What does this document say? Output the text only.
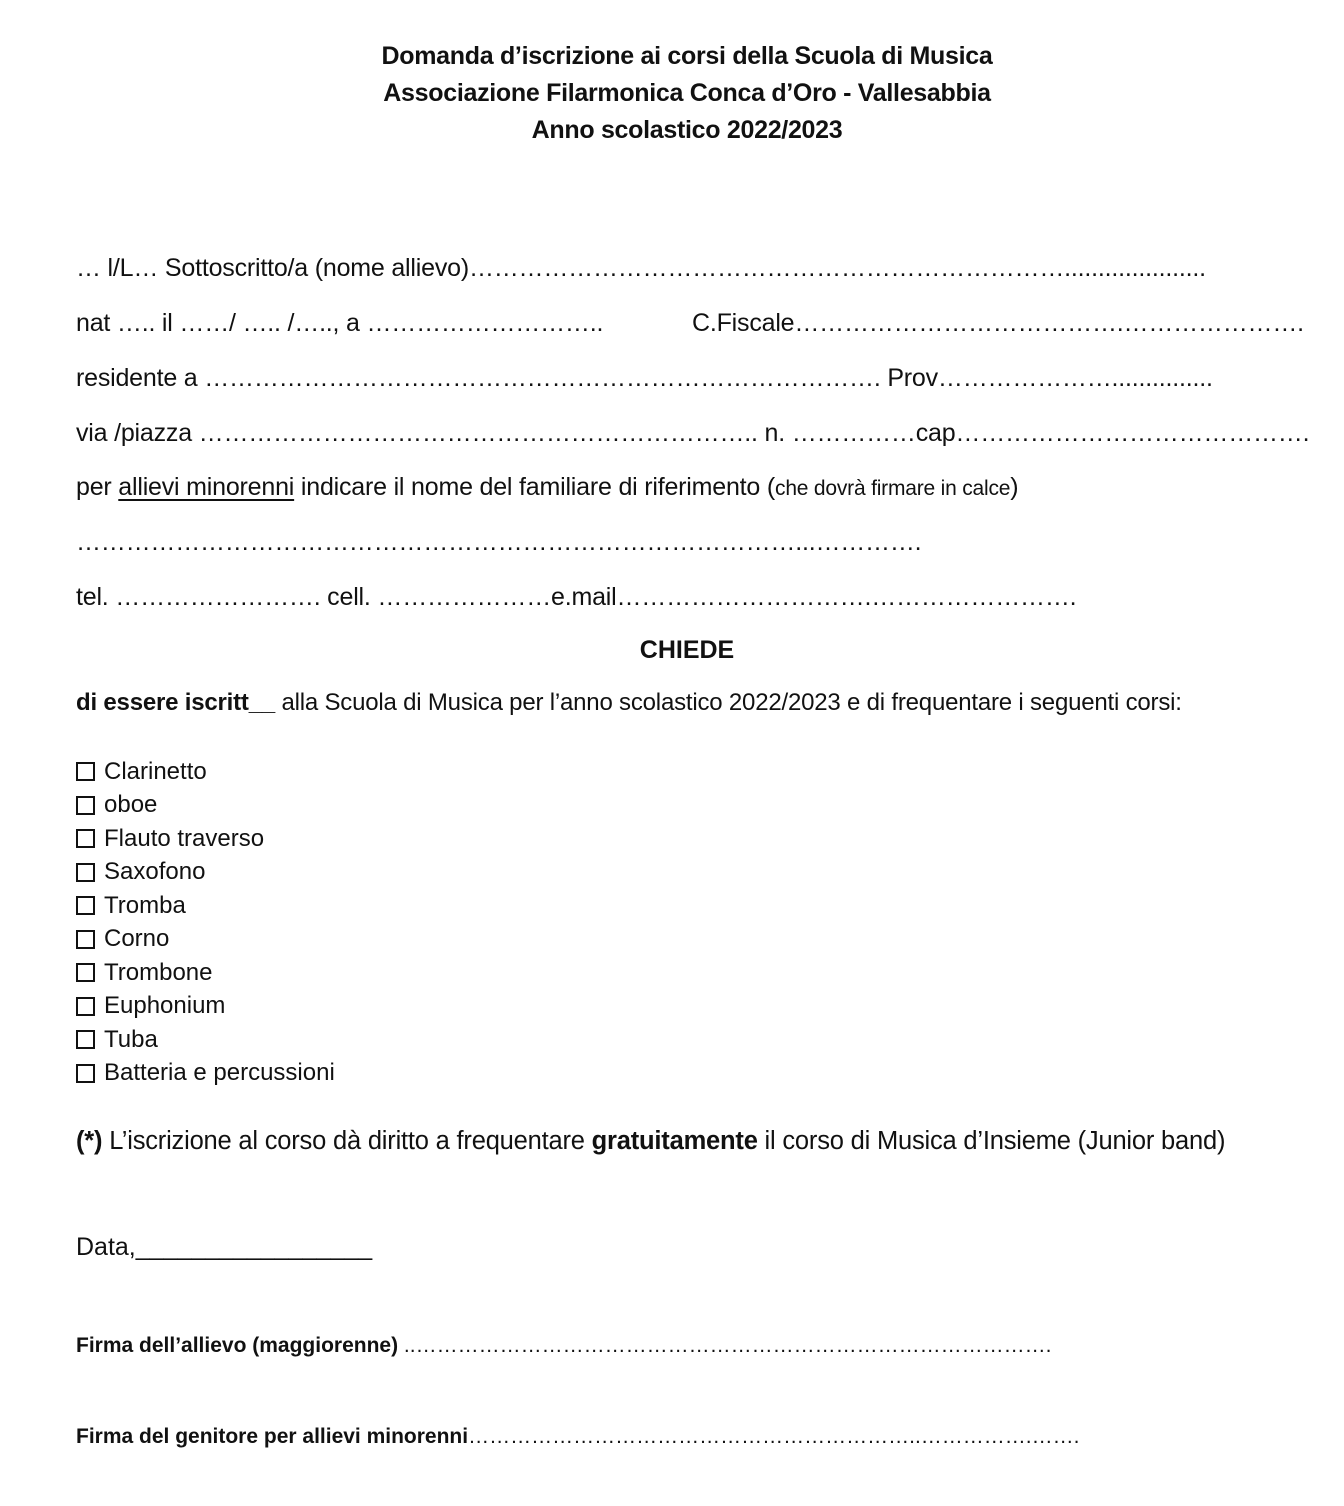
Domanda d’iscrizione ai corsi della Scuola di Musica
Associazione Filarmonica Conca d’Oro - Vallesabbia
Anno scolastico 2022/2023
… l/L… Sottoscritto/a (nome allievo)……………………………………………………………….....................
nat ….. il ……/ ….. /….., a ………………………..	C.Fiscale………………………………….………………….
residente a ………………………………………………………………………. Prov…………………...............
via /piazza ………………………………………………………….. n. ……………cap…………………………………….
per allievi minorenni indicare il nome del familiare di riferimento (che dovrà firmare in calce)
……………………………………………………………………………...………….
tel. ……………………. cell. …………………e.mail………………………….…………………….
CHIEDE
di essere iscritt__ alla Scuola di Musica per l’anno scolastico 2022/2023 e di frequentare i seguenti corsi:
Clarinetto
oboe
Flauto traverso
Saxofono
Tromba
Corno
Trombone
Euphonium
Tuba
Batteria e percussioni
(*) L’iscrizione al corso dà diritto a frequentare gratuitamente il corso di Musica d’Insieme (Junior band)
Data,_________________
Firma dell’allievo (maggiorenne) ..……………………………………………………………………………….
Firma del genitore per allievi minorenni………………………………………………………..…………….…….
